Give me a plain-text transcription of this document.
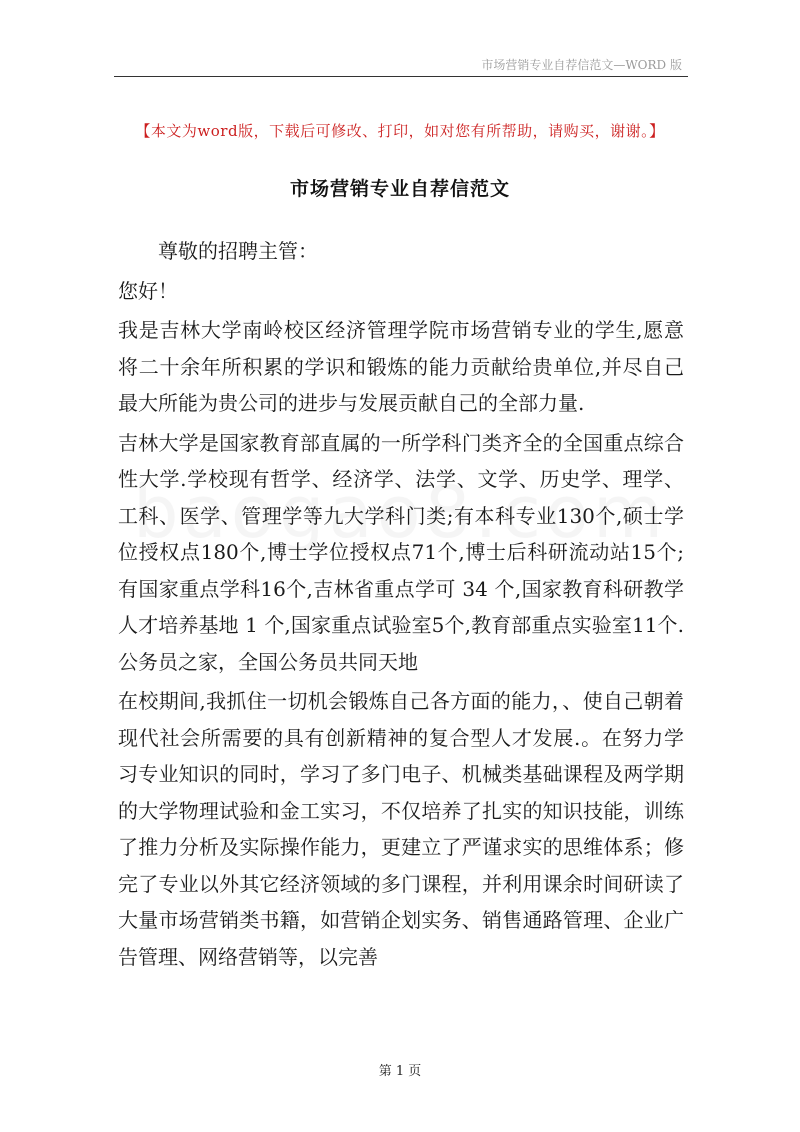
市场营销专业自荐信范文—WORD 版
【本文为word版，下载后可修改、打印，如对您有所帮助，请购买，谢谢。】
市场营销专业自荐信范文

尊敬的招聘主管：

您好！

我是吉林大学南岭校区经济管理学院市场营销专业的学生,愿意将二十余年所积累的学识和锻炼的能力贡献给贵单位,并尽自己最大所能为贵公司的进步与发展贡献自己的全部力量.

吉林大学是国家教育部直属的一所学科门类齐全的全国重点综合性大学.学校现有哲学、经济学、法学、文学、历史学、理学、工科、医学、管理学等九大学科门类;有本科专业130个,硕士学位授权点180个,博士学位授权点71个,博士后科研流动站15个;有国家重点学科16个,吉林省重点学可 34 个,国家教育科研教学人才培养基地 1 个,国家重点试验室5个,教育部重点实验室11个.公务员之家，全国公务员共同天地

在校期间,我抓住一切机会锻炼自己各方面的能力，、使自己朝着现代社会所需要的具有创新精神的复合型人才发展.。在努力学习专业知识的同时，学习了多门电子、机械类基础课程及两学期的大学物理试验和金工实习，不仅培养了扎实的知识技能，训练了推力分析及实际操作能力，更建立了严谨求实的思维体系；修完了专业以外其它经济领域的多门课程，并利用课余时间研读了大量市场营销类书籍，如营销企划实务、销售通路管理、企业广告管理、网络营销等，以完善

第 1 页
